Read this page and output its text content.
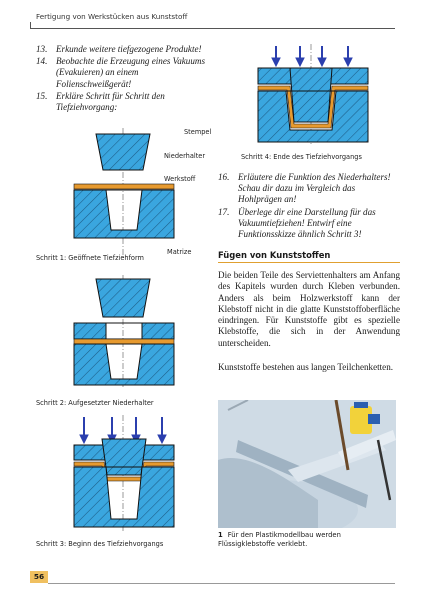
Fertigung von Werkstücken aus Kunststoff
13. Erkunde weitere tiefgezogene Produkte!
14. Beobachte die Erzeugung eines Vakuums (Evakuieren) an einem Folienschweißgerät!
15. Erkläre Schritt für Schritt den Tiefziehvorgang:
Stempel
Niederhalter
Werkstoff
Matrize
Schritt 1: Geöffnete Tiefziehform
Schritt 2: Aufgesetzter Niederhalter
Schritt 3: Beginn des Tiefziehvorgangs
Schritt 4: Ende des Tiefziehvorgangs
16. Erläutere die Funktion des Niederhalters! Schau dir dazu im Vergleich das Hohlprägen an!
17. Überlege dir eine Darstellung für das Vakuumtiefziehen! Entwirf eine Funktionsskizze ähnlich Schritt 3!
Fügen von Kunststoffen

Die beiden Teile des Serviettenhalters am Anfang des Kapitels wurden durch Kleben verbunden. Anders als beim Holzwerkstoff kann der Klebstoff nicht in die glatte Kunststoffoberfläche eindringen. Für Kunststoffe gibt es spezielle Klebstoffe, die sich in der Anwendung unterscheiden.

Kunststoffe bestehen aus langen Teilchenketten.

1 Für den Plastikmodellbau werden Flüssigklebstoffe verklebt.
56
